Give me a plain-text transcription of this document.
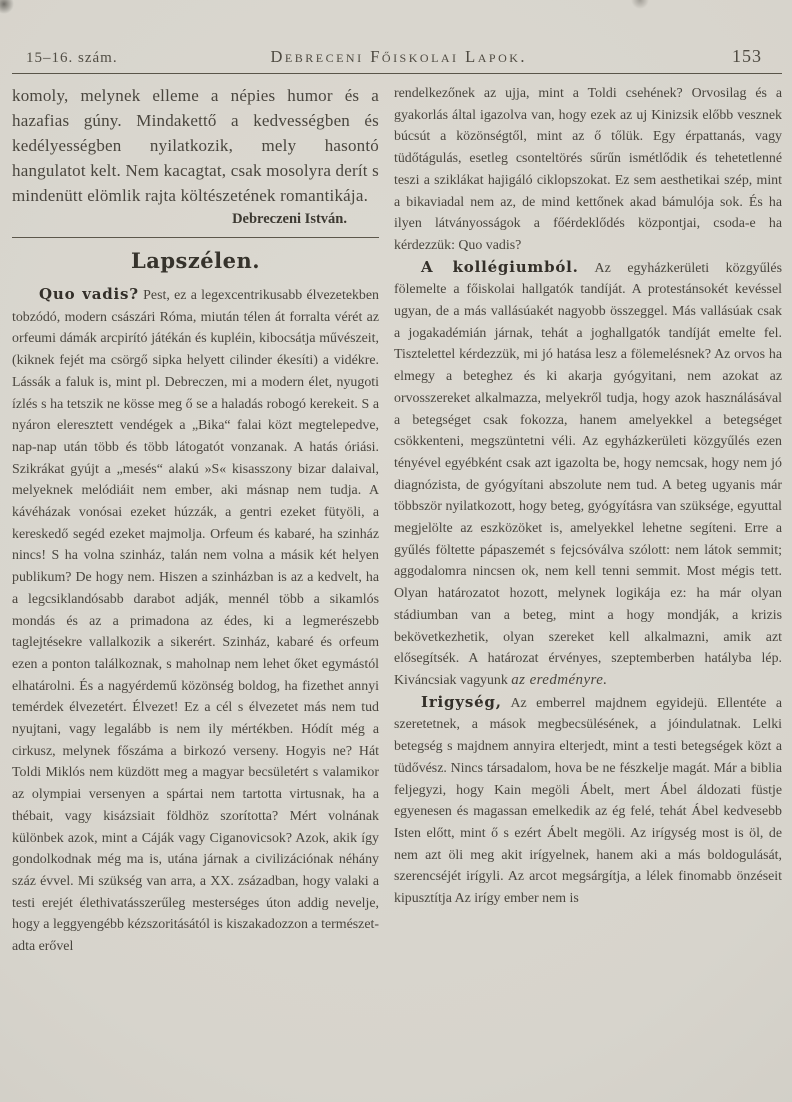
15–16. szám.	Debreceni Főiskolai Lapok.	153

komoly, melynek elleme a népies humor és a hazafias gúny. Mindakettő a kedvességben és kedélyességben nyilatkozik, mely hasontó hangulatot kelt. Nem kacagtat, csak mosolyra derít s mindenütt elömlik rajta költészetének romantikája.

Debreczeni István.

Lapszélen.

Quo vadis? Pest, ez a legexcentrikusabb élvezetekben tobzódó, modern császári Róma, miután télen át forralta vérét az orfeumi dámák arcpirító játékán és kupléin, kibocsátja művészeit, (kiknek fejét ma csörgő sipka helyett cilinder ékesíti) a vidékre. Lássák a faluk is, mint pl. Debreczen, mi a modern élet, nyugoti ízlés s ha tetszik ne kösse meg ő se a haladás robogó kerekeit. S a nyáron eleresztett vendégek a „Bika“ falai közt megtelepedve, nap-nap után több és több látogatót vonzanak. A hatás óriási. Szikrákat gyújt a „mesés“ alakú »S« kisasszony bizar dalaival, melyeknek melódiáit nem ember, aki másnap nem tudja. A kávéházak vonósai ezeket húzzák, a gentri ezeket fütyöli, a kereskedő segéd ezeket majmolja. Orfeum és kabaré, ha szinház nincs! S ha volna szinház, talán nem volna a másik két helyen publikum? De hogy nem. Hiszen a szinházban is az a kedvelt, ha a legcsiklandósabb darabot adják, mennél több a sikamlós mondás és az a primadona az édes, ki a legmerészebb taglejtésekre vallalkozik a sikerért. Szinház, kabaré és orfeum ezen a ponton találkoznak, s maholnap nem lehet őket egymástól elhatárolni. És a nagyérdemű közönség boldog, ha fizethet annyi temérdek élvezetért. Élvezet! Ez a cél s élvezetet más nem tud nyujtani, vagy legalább is nem ily mértékben. Hódít még a cirkusz, melynek főszáma a birkozó verseny. Hogyis ne? Hát Toldi Miklós nem küzdött meg a magyar becsületért s valamikor az olympiai versenyen a spártai nem tartotta virtusnak, ha a thébait, vagy kisázsiait földhöz szorította? Mért volnának különbek azok, mint a Cáják vagy Ciganovicsok? Azok, akik így gondolkodnak még ma is, utána járnak a civilizációnak néhány száz évvel. Mi szükség van arra, a XX. zsázadban, hogy valaki a testi erejét élethivatásszerűleg mesterséges úton addig nevelje, hogy a leggyengébb kézszoritásától is kiszakadozzon a természet-adta erővel

rendelkezőnek az ujja, mint a Toldi csehének? Orvosilag és a gyakorlás által igazolva van, hogy ezek az uj Kinizsik előbb vesznek búcsút a közönségtől, mint az ő tőlük. Egy érpattanás, vagy tüdőtágulás, esetleg csonteltörés sűrűn ismétlődik és tehetetlenné teszi a sziklákat hajigáló ciklopszokat. Ez sem aesthetikai szép, mint a bikaviadal nem az, de mind kettőnek akad bámulója sok. És ha ilyen látványosságok a főérdeklődés központjai, csoda-e ha kérdezzük: Quo vadis?

A kollégiumból. Az egyházkerületi közgyűlés fölemelte a főiskolai hallgatók tandíját. A protestánsokét kevéssel ugyan, de a más vallásúakét nagyobb összeggel. Más vallásúak csak a jogakadémián járnak, tehát a joghallgatók tandíját emelte fel. Tisztelettel kérdezzük, mi jó hatása lesz a fölemelésnek? Az orvos ha elmegy a beteghez és ki akarja gyógyitani, nem azokat az orvosszereket alkalmazza, melyekről tudja, hogy azok használásával a betegséget csak fokozza, hanem amelyekkel a betegséget csökkenteni, megszüntetni véli. Az egyházkerületi közgyűlés ezen tényével egyébként csak azt igazolta be, hogy nemcsak, hogy nem jó diagnózista, de gyógyítani abszolute nem tud. A beteg ugyanis már többször nyilatkozott, hogy beteg, gyógyításra van szüksége, egyuttal megjelölte az eszközöket is, amelyekkel lehetne segíteni. Erre a gyűlés föltette pápaszemét s fejcsóválva szólott: nem látok semmit; aggodalomra nincsen ok, nem kell tenni semmit. Most mégis tett. Olyan határozatot hozott, melynek logikája ez: ha már olyan stádiumban van a beteg, mint a hogy mondják, a krizis bekövetkezhetik, olyan szereket kell alkalmazni, amik azt elősegítsék. A határozat érvényes, szeptemberben hatályba lép. Kiváncsiak vagyunk az eredményre.

Irigység, Az emberrel majdnem egyidejü. Ellentéte a szeretetnek, a mások megbecsülésének, a jóindulatnak. Lelki betegség s majdnem annyira elterjedt, mint a testi betegségek közt a tüdővész. Nincs társadalom, hova be ne fészkelje magát. Már a biblia feljegyzi, hogy Kain megöli Ábelt, mert Ábel áldozati füstje egyenesen és magassan emelkedik az ég felé, tehát Ábel kedvesebb Isten előtt, mint ő s ezért Ábelt megöli. Az irígység most is öl, de nem azt öli meg akit irígyelnek, hanem aki a más boldogulását, szerencséjét irígyli. Az arcot megsárgítja, a lélek finomabb önzéseit kipusztítja Az irígy ember nem is
